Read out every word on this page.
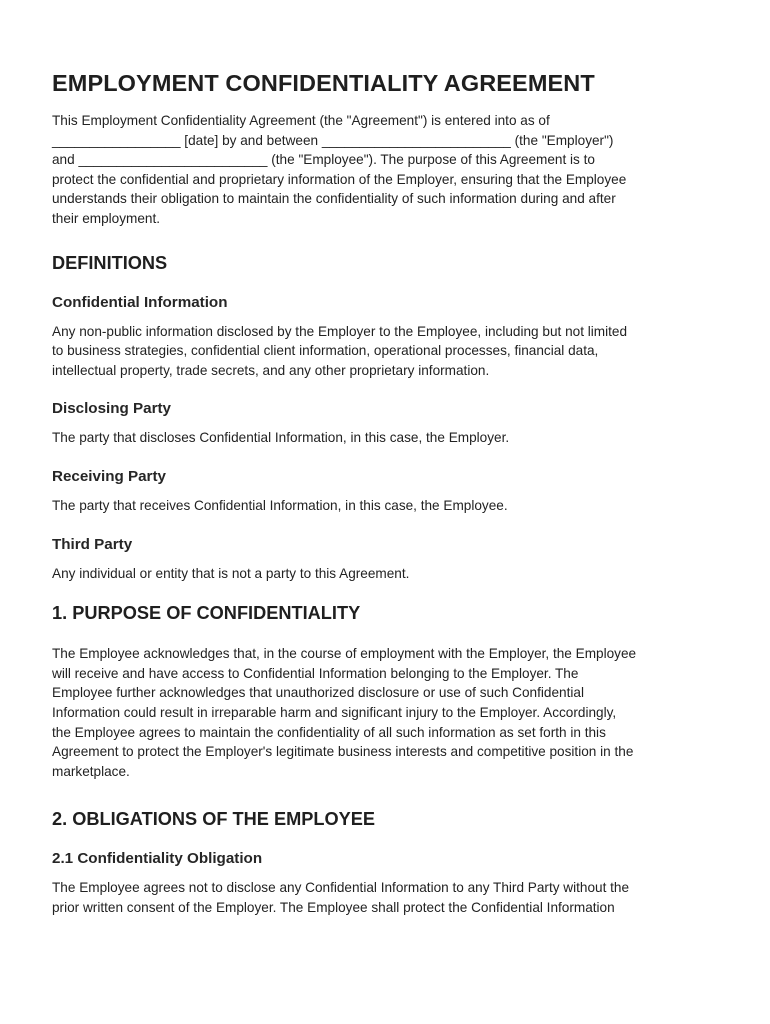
EMPLOYMENT CONFIDENTIALITY AGREEMENT

This Employment Confidentiality Agreement (the "Agreement") is entered into as of

_________________ [date] by and between _________________________ (the "Employer")

and _________________________ (the "Employee"). The purpose of this Agreement is to

protect the confidential and proprietary information of the Employer, ensuring that the Employee

understands their obligation to maintain the confidentiality of such information during and after

their employment.

DEFINITIONS
Confidential Information

Any non-public information disclosed by the Employer to the Employee, including but not limited

to business strategies, confidential client information, operational processes, financial data,

intellectual property, trade secrets, and any other proprietary information.

Disclosing Party

The party that discloses Confidential Information, in this case, the Employer.

Receiving Party

The party that receives Confidential Information, in this case, the Employee.

Third Party

Any individual or entity that is not a party to this Agreement.

1. PURPOSE OF CONFIDENTIALITY

The Employee acknowledges that, in the course of employment with the Employer, the Employee

will receive and have access to Confidential Information belonging to the Employer. The

Employee further acknowledges that unauthorized disclosure or use of such Confidential

Information could result in irreparable harm and significant injury to the Employer. Accordingly,

the Employee agrees to maintain the confidentiality of all such information as set forth in this

Agreement to protect the Employer's legitimate business interests and competitive position in the

marketplace.

2. OBLIGATIONS OF THE EMPLOYEE
2.1 Confidentiality Obligation

The Employee agrees not to disclose any Confidential Information to any Third Party without the

prior written consent of the Employer. The Employee shall protect the Confidential Information
